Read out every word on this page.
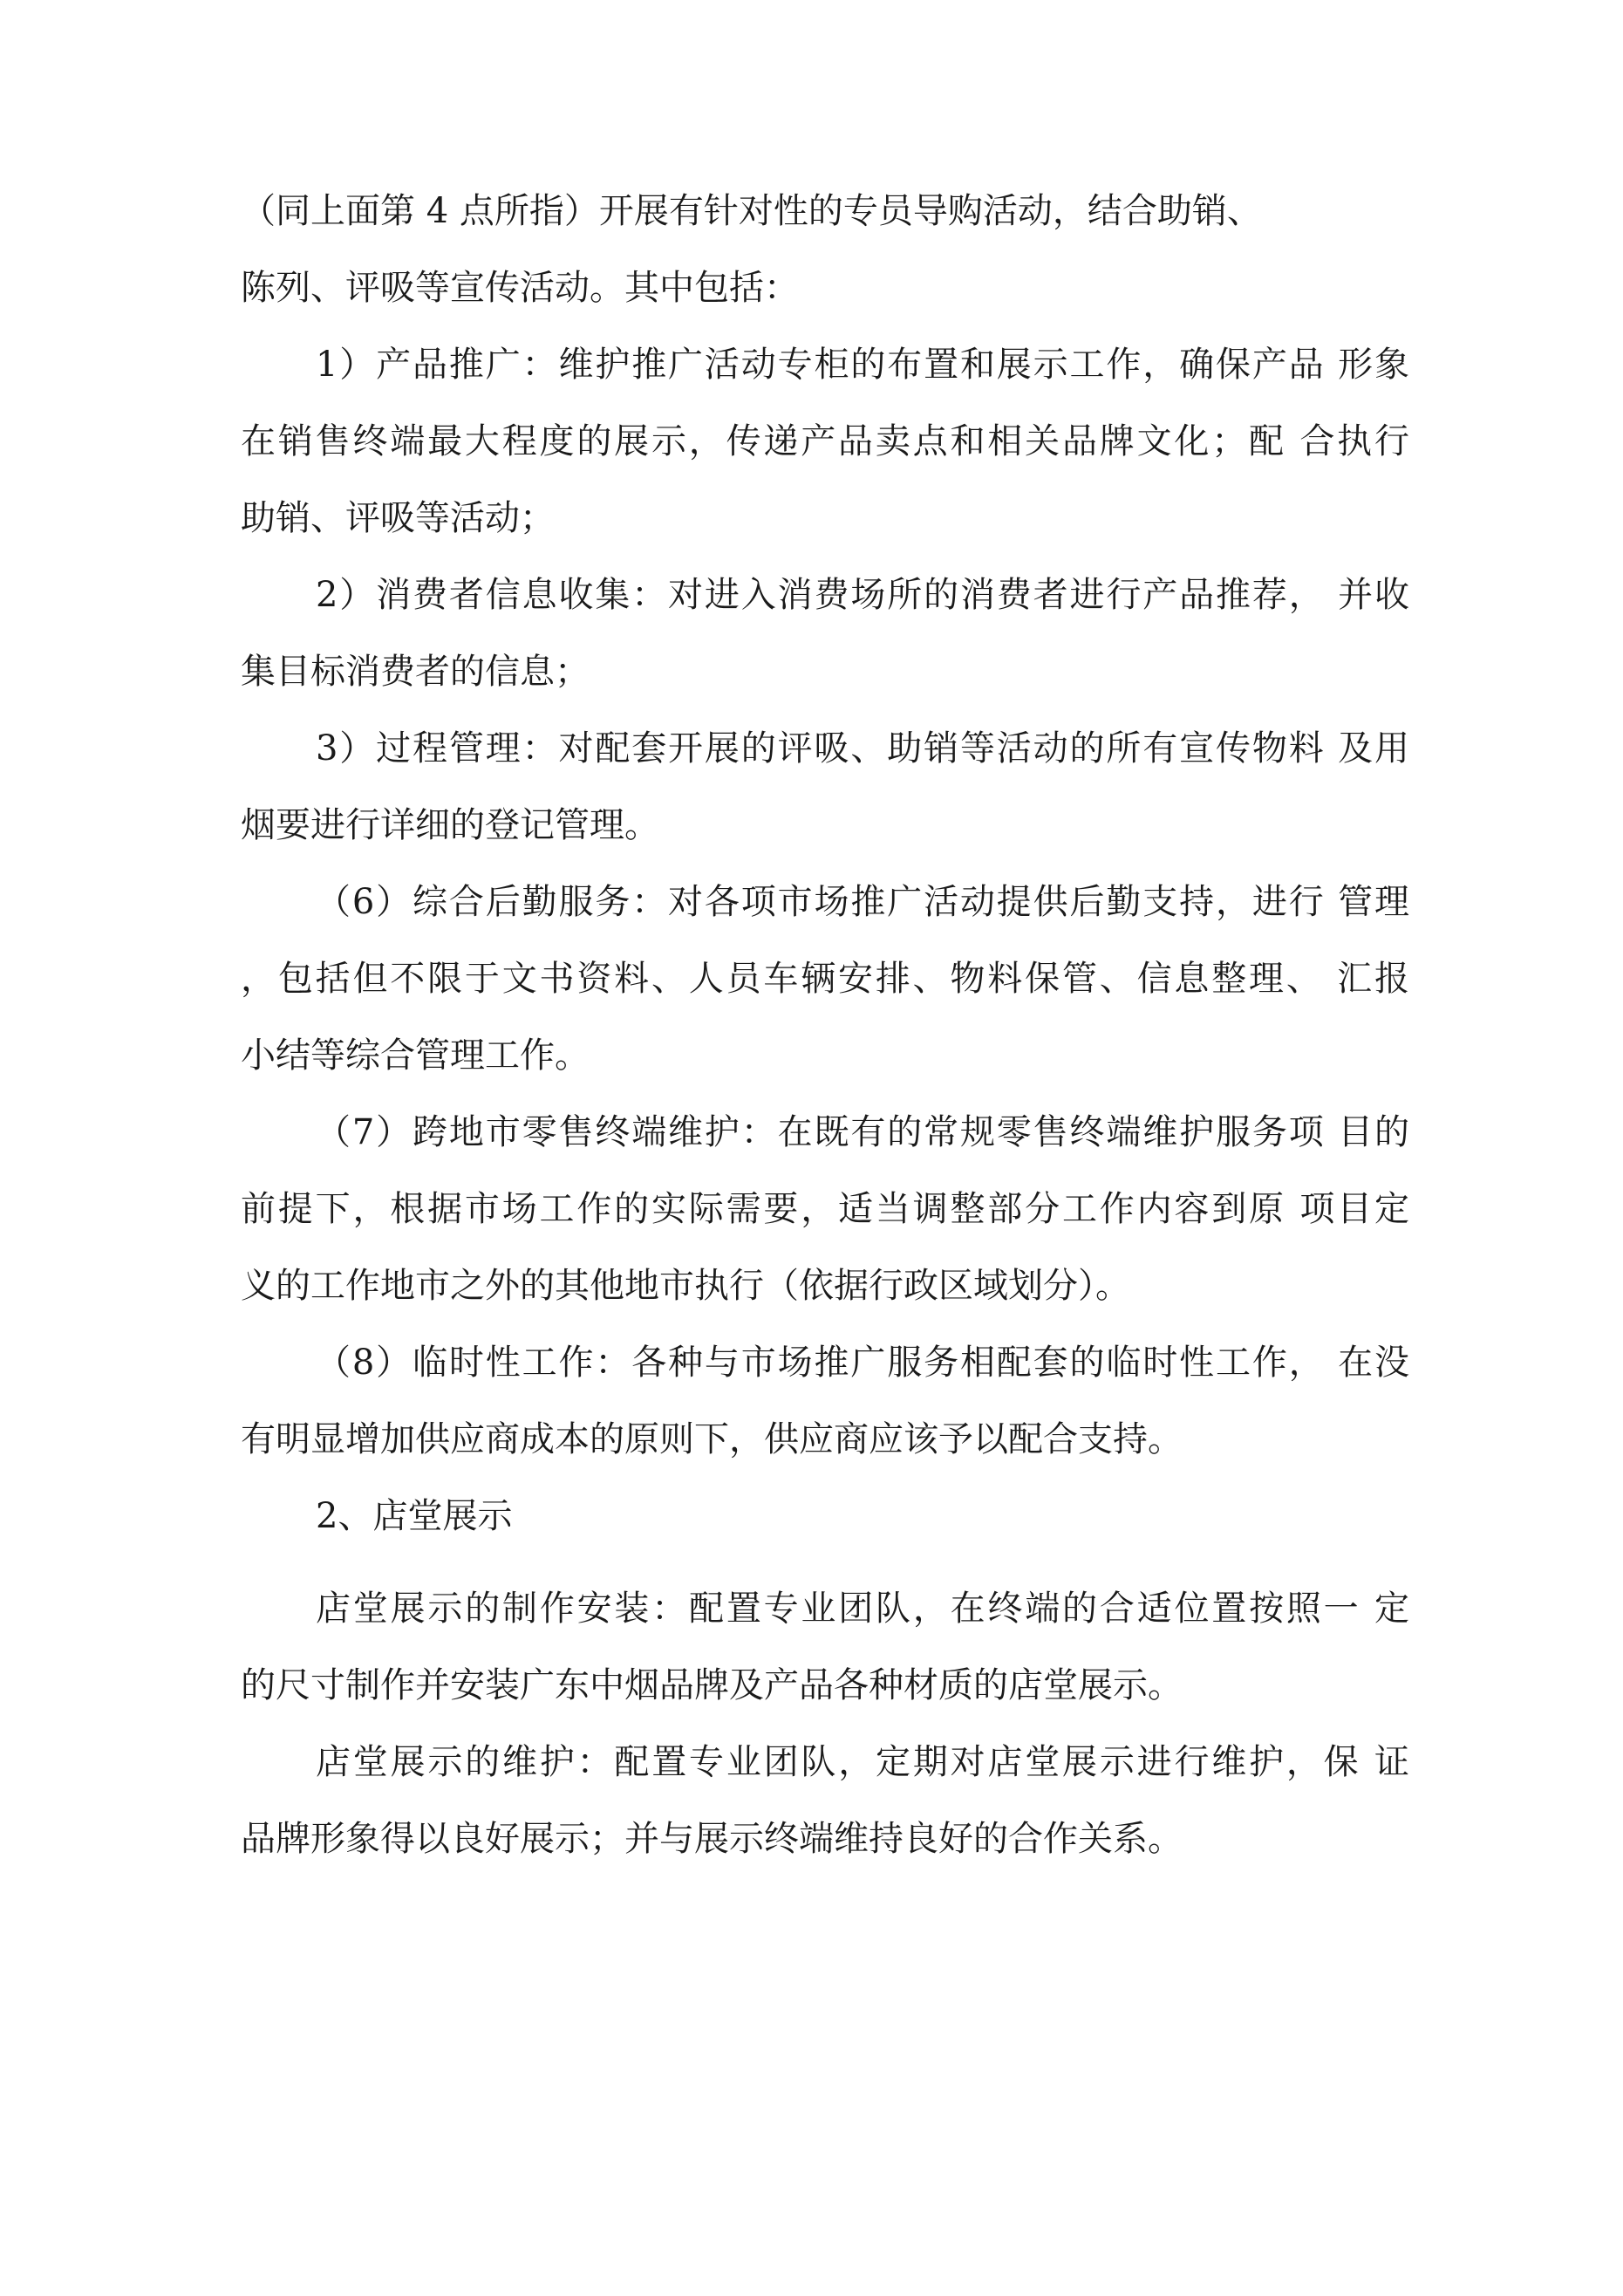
（同上面第 4 点所指）开展有针对性的专员导购活动，结合助销、
陈列、评吸等宣传活动。其中包括：
1）产品推广：维护推广活动专柜的布置和展示工作，确保产品 形象
在销售终端最大程度的展示，传递产品卖点和相关品牌文化；配 合执行
助销、评吸等活动；
2）消费者信息收集：对进入消费场所的消费者进行产品推荐， 并收
集目标消费者的信息；
3）过程管理：对配套开展的评吸、助销等活动的所有宣传物料 及用
烟要进行详细的登记管理。
（6）综合后勤服务：对各项市场推广活动提供后勤支持，进行 管理
，包括但不限于文书资料、人员车辆安排、物料保管、信息整理、 汇报
小结等综合管理工作。
（7）跨地市零售终端维护：在既有的常规零售终端维护服务项 目的
前提下，根据市场工作的实际需要，适当调整部分工作内容到原 项目定
义的工作地市之外的其他地市执行（依据行政区域划分）。
（8）临时性工作：各种与市场推广服务相配套的临时性工作， 在没
有明显增加供应商成本的原则下，供应商应该予以配合支持。
2、店堂展示
店堂展示的制作安装：配置专业团队，在终端的合适位置按照一 定
的尺寸制作并安装广东中烟品牌及产品各种材质的店堂展示。
店堂展示的维护：配置专业团队，定期对店堂展示进行维护，保 证
品牌形象得以良好展示；并与展示终端维持良好的合作关系。
